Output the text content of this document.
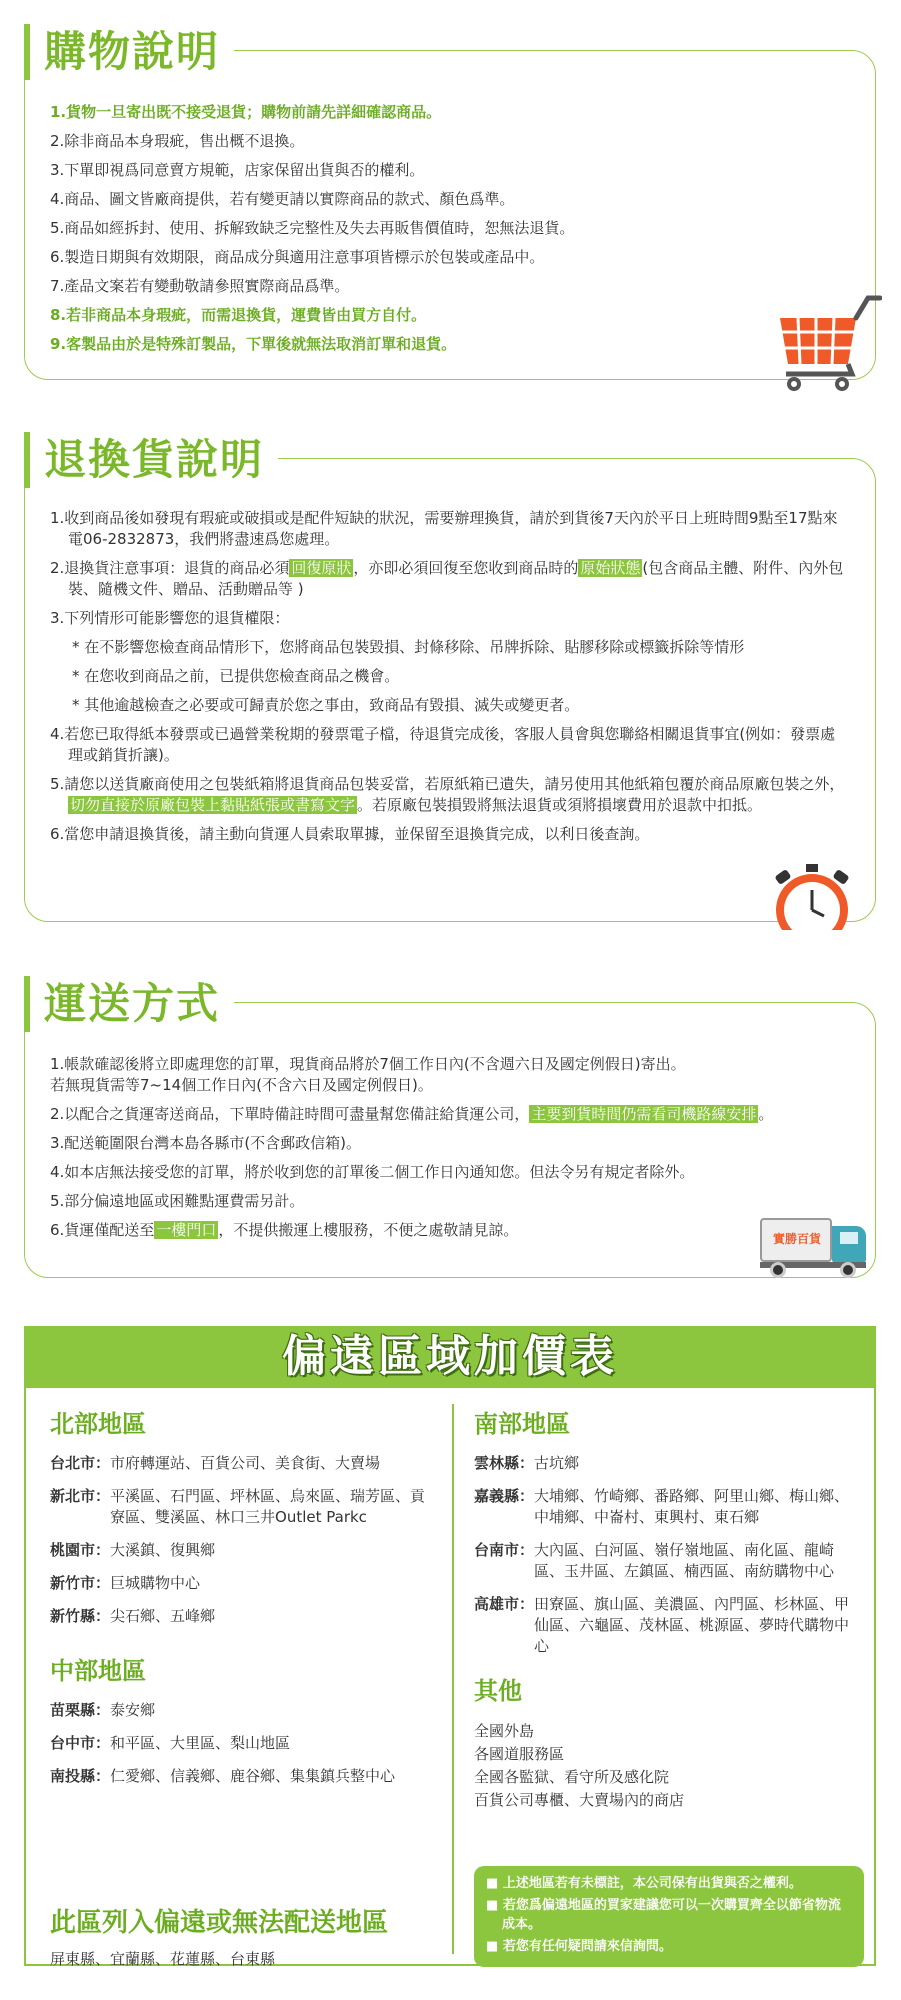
購物說明
1.貨物一旦寄出既不接受退貨；購物前請先詳細確認商品。
2.除非商品本身瑕疵，售出概不退換。
3.下單即視爲同意賣方規範，店家保留出貨與否的權利。
4.商品、圖文皆廠商提供，若有變更請以實際商品的款式、顏色爲準。
5.商品如經拆封、使用、拆解致缺乏完整性及失去再販售價值時，恕無法退貨。
6.製造日期與有效期限，商品成分與適用注意事項皆標示於包裝或產品中。
7.產品文案若有變動敬請參照實際商品爲準。
8.若非商品本身瑕疵，而需退換貨，運費皆由買方自付。
9.客製品由於是特殊訂製品，下單後就無法取消訂單和退貨。
退換貨說明
1.收到商品後如發現有瑕疵或破損或是配件短缺的狀況，需要辦理換貨，請於到貨後7天內於平日上班時間9點至17點來電06-2832873，我們將盡速爲您處理。
2.退換貨注意事項：退貨的商品必須 回復原狀 ，亦即必須回復至您收到商品時的 原始狀態 (包含商品主體、附件、內外包裝、隨機文件、贈品、活動贈品等 )
3.下列情形可能影響您的退貨權限：
* 在不影響您檢查商品情形下，您將商品包裝毀損、封條移除、吊牌拆除、貼膠移除或標籤拆除等情形
* 在您收到商品之前，已提供您檢查商品之機會。
* 其他逾越檢查之必要或可歸責於您之事由，致商品有毀損、滅失或變更者。
4.若您已取得紙本發票或已過營業稅期的發票電子檔，待退貨完成後，客服人員會與您聯絡相關退貨事宜(例如：發票處理或銷貨折讓)。
5.請您以送貨廠商使用之包裝紙箱將退貨商品包裝妥當，若原紙箱已遺失，請另使用其他紙箱包覆於商品原廠包裝之外，切勿直接於原廠包裝上黏貼紙張或書寫文字 。若原廠包裝損毀將無法退貨或須將損壞費用於退款中扣抵。
6.當您申請退換貨後，請主動向貨運人員索取單據，並保留至退換貨完成，以利日後查詢。
運送方式
1.帳款確認後將立即處理您的訂單，現貨商品將於7個工作日內(不含週六日及國定例假日)寄出。
若無現貨需等7~14個工作日內(不含六日及國定例假日)。
2.以配合之貨運寄送商品，下單時備註時間可盡量幫您備註給貨運公司， 主要到貨時間仍需看司機路線安排 。
3.配送範圍限台灣本島各縣市(不含郵政信箱)。
4.如本店無法接受您的訂單，將於收到您的訂單後二個工作日內通知您。但法令另有規定者除外。
5.部分偏遠地區或困難點運費需另計。
6.貨運僅配送至 一樓門口 ，不提供搬運上樓服務，不便之處敬請見諒。	實勝百貨
偏遠區域加價表
北部地區
台北市： 市府轉運站、百貨公司、美食街、大賣場
新北市： 平溪區、石門區、坪林區、烏來區、瑞芳區、貢寮區、雙溪區、林口三井Outlet Parkc
桃園市： 大溪鎮、復興鄉
新竹市： 巨城購物中心
新竹縣： 尖石鄉、五峰鄉
中部地區
苗栗縣： 泰安鄉
台中市： 和平區、大里區、梨山地區
南投縣： 仁愛鄉、信義鄉、鹿谷鄉、集集鎮兵整中心
南部地區
雲林縣： 古坑鄉
嘉義縣： 大埔鄉、竹崎鄉、番路鄉、阿里山鄉、梅山鄉、中埔鄉、中崙村、東興村、東石鄉
台南市： 大內區、白河區、嶺仔嶺地區、南化區、龍崎區、玉井區、左鎮區、楠西區、南紡購物中心
高雄市： 田寮區、旗山區、美濃區、內門區、杉林區、甲仙區、六龜區、茂林區、桃源區、夢時代購物中心
其他
全國外島
各國道服務區
全國各監獄、看守所及感化院
百貨公司專櫃、大賣場內的商店
■ 上述地區若有未標註，本公司保有出貨與否之權利。
■ 若您爲偏遠地區的買家建議您可以一次購買齊全以節省物流成本。
■ 若您有任何疑問請來信詢問。
此區列入偏遠或無法配送地區
屏東縣、宜蘭縣、花蓮縣、台東縣
